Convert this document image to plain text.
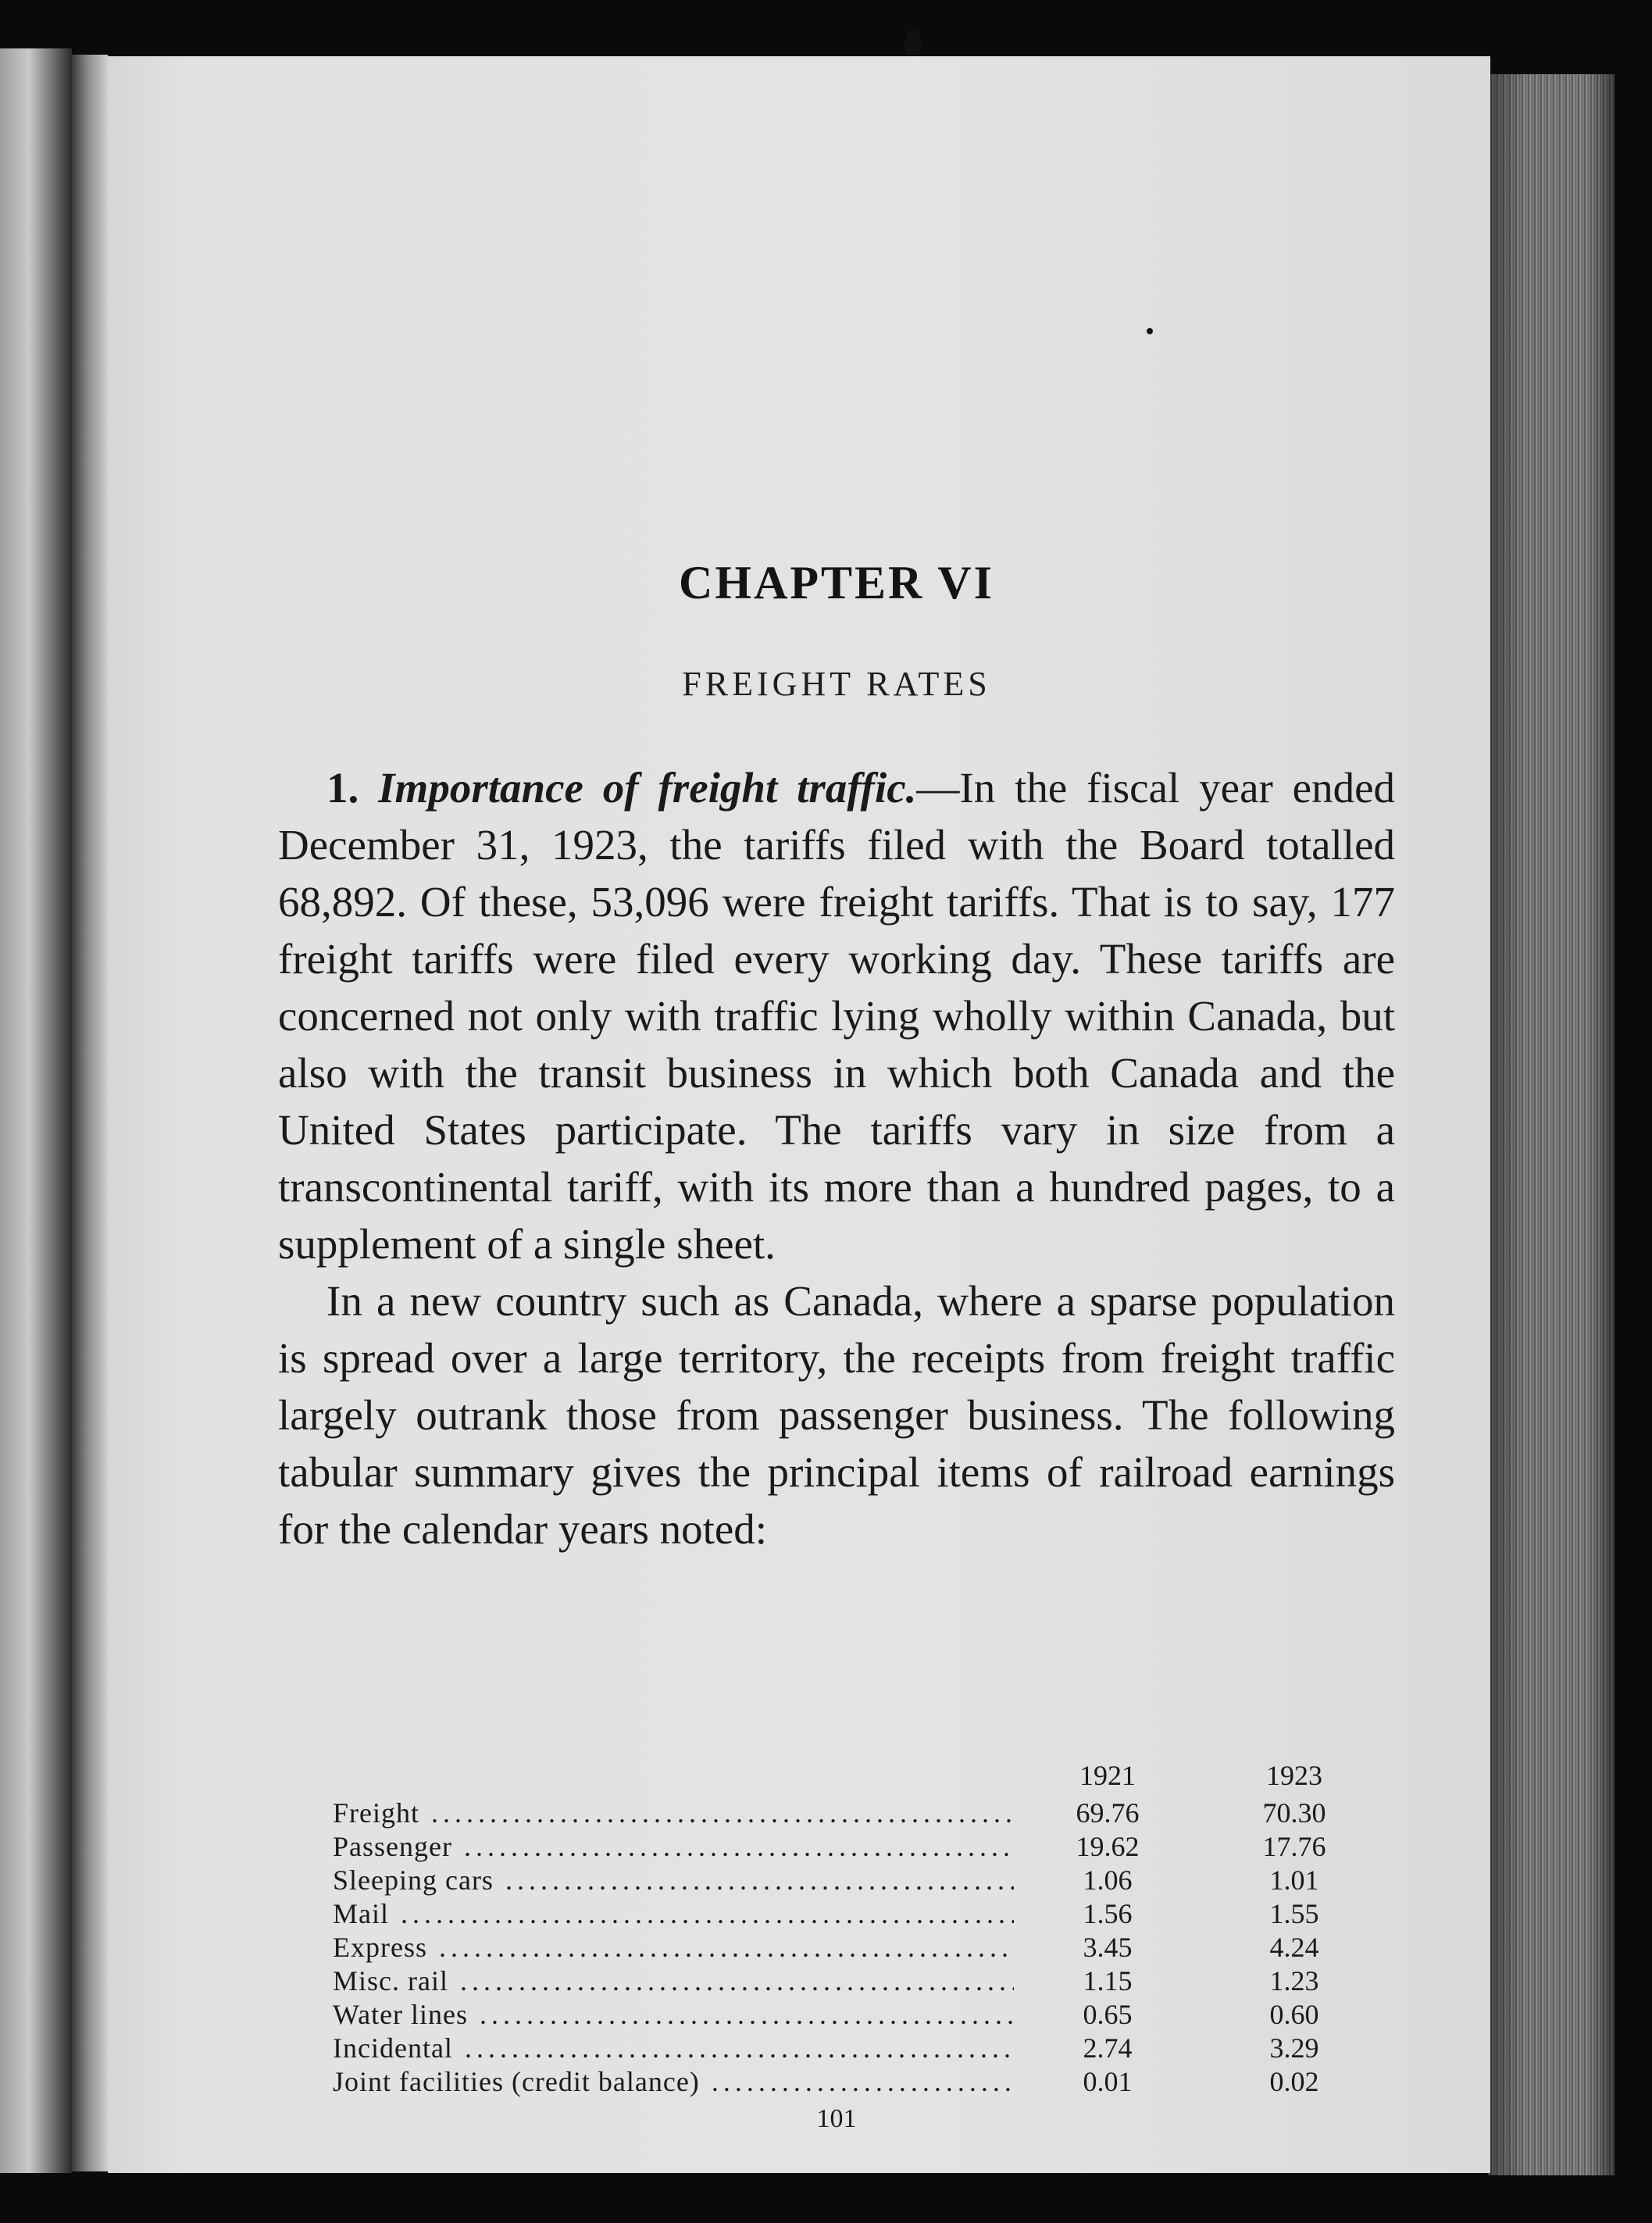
CHAPTER VI
FREIGHT RATES

1. Importance of freight traffic.—In the fiscal year ended December 31, 1923, the tariffs filed with the Board totalled 68,892. Of these, 53,096 were freight tariffs. That is to say, 177 freight tariffs were filed every working day. These tariffs are concerned not only with traffic lying wholly within Canada, but also with the transit business in which both Canada and the United States participate. The tariffs vary in size from a transcontinental tariff, with its more than a hundred pages, to a supplement of a single sheet.

In a new country such as Canada, where a sparse population is spread over a large territory, the receipts from freight traffic largely outrank those from passenger business. The following tabular summary gives the principal items of railroad earnings for the calendar years noted:

1921	1923
Freight .....	69.76	70.30
Passenger .....	19.62	17.76
Sleeping cars .....	1.06	1.01
Mail .....	1.56	1.55
Express .....	3.45	4.24
Misc. rail .....	1.15	1.23
Water lines .....	0.65	0.60
Incidental .....	2.74	3.29
Joint facilities (credit balance) .....	0.01	0.02
101
